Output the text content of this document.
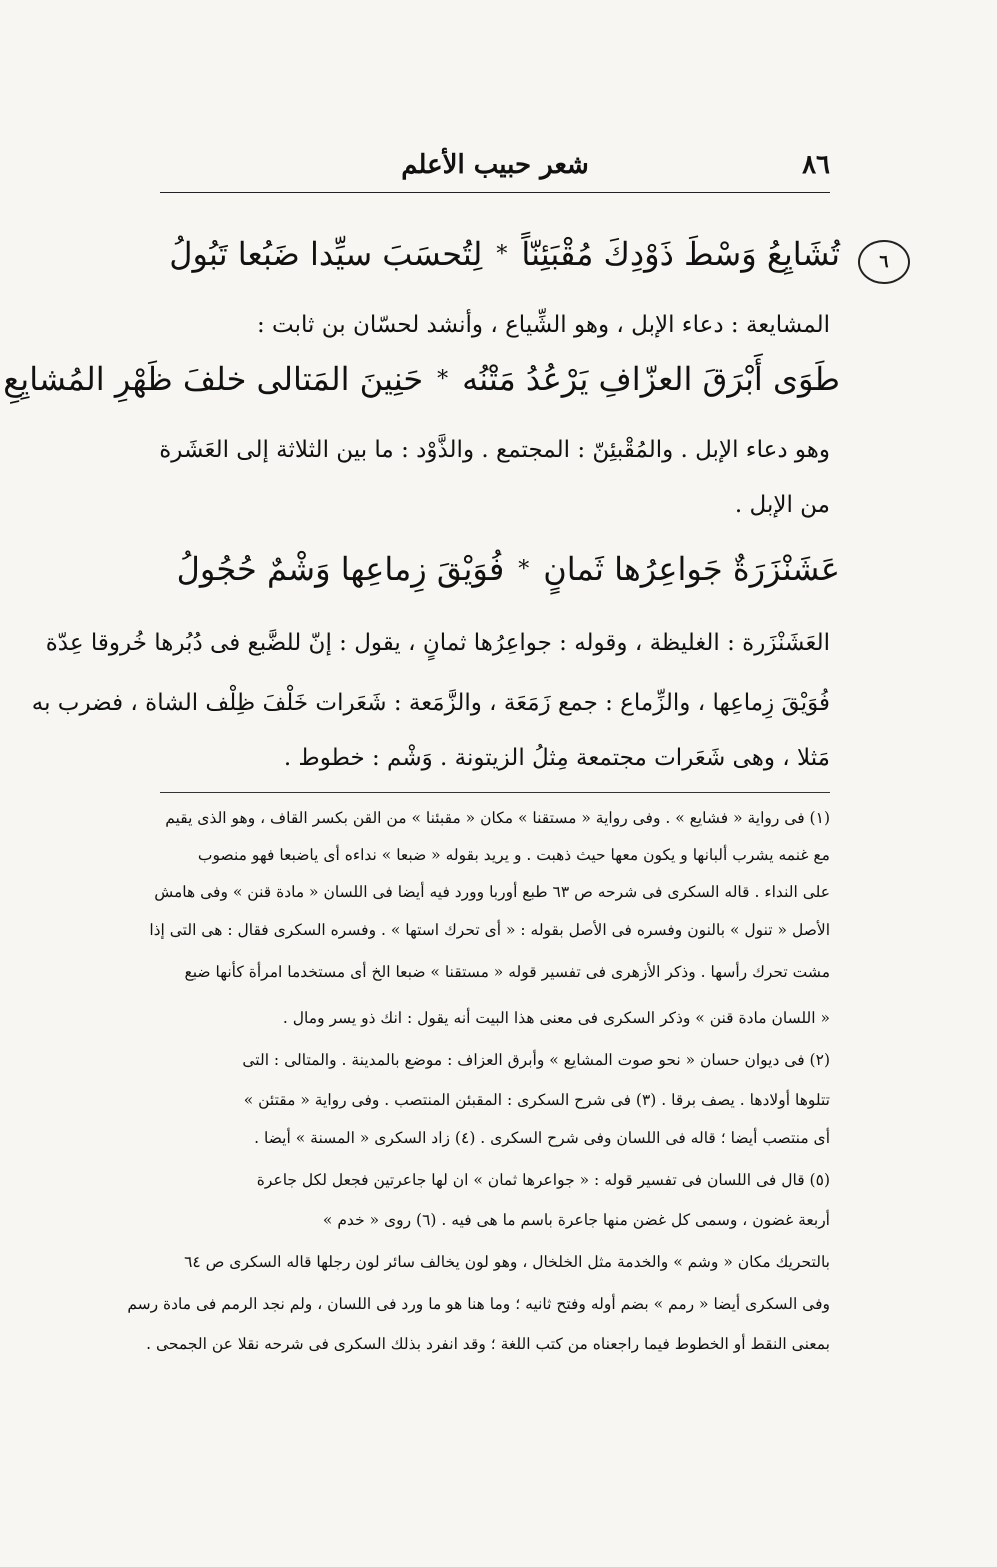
٨٦
شعر حبيب الأعلم
٦
تُشَايِعُ وَسْطَ ذَوْدِكَ مُقْبَئِنّاً
*
لِتُحسَبَ سيِّدا ضَبُعا تَبُولُ
المشايعة : دعاء الإبل ، وهو الشِّياع ، وأنشد لحسّان بن ثابت :
طَوَى أَبْرَقَ العزّافِ يَرْعُدُ مَتْنُه
*
حَنِينَ المَتالى خلفَ ظَهْرِ المُشايِعِ
وهو دعاء الإبل . والمُقْبئِنّ : المجتمع . والذَّوْد : ما بين الثلاثة إلى العَشَرة
من الإبل .
عَشَنْزَرَةٌ جَواعِرُها ثَمانٍ
*
فُوَيْقَ زِماعِها وَشْمٌ حُجُولُ
العَشَنْزَرة : الغليظة ، وقوله : جواعِرُها ثمانٍ ، يقول : إنّ للضَّبع فى دُبُرها خُروقا عِدّة
فُوَيْقَ زِماعِها ، والزِّماع : جمع زَمَعَة ، والزَّمَعة : شَعَرات خَلْفَ ظِلْف الشاة ، فضرب به
مَثلا ، وهى شَعَرات مجتمعة مِثلُ الزيتونة . وَشْم : خطوط .
(١) فى رواية « فشايع » . وفى رواية « مستقنا » مكان « مقبئنا » من القن بكسر القاف ، وهو الذى يقيم
مع غنمه يشرب ألبانها و يكون معها حيث ذهبت . و يريد بقوله « ضبعا » نداءه أى ياضبعا فهو منصوب
على النداء . قاله السكرى فى شرحه ص ٦٣ طبع أوربا وورد فيه أيضا فى اللسان « مادة قنن » وفى هامش
الأصل « تنول » بالنون وفسره فى الأصل بقوله : « أى تحرك استها » . وفسره السكرى فقال : هى التى إذا
مشت تحرك رأسها . وذكر الأزهرى فى تفسير قوله « مستقنا » ضبعا الخ أى مستخدما امرأة كأنها ضبع
« اللسان مادة قنن » وذكر السكرى فى معنى هذا البيت أنه يقول : انك ذو يسر ومال .
(٢) فى ديوان حسان « نحو صوت المشايع » وأبرق العزاف : موضع بالمدينة . والمتالى : التى
تتلوها أولادها . يصف برقا . (٣) فى شرح السكرى : المقبئن المنتصب . وفى رواية « مقتئن »
أى منتصب أيضا ؛ قاله فى اللسان وفى شرح السكرى . (٤) زاد السكرى « المسنة » أيضا .
(٥) قال فى اللسان فى تفسير قوله : « جواعرها ثمان » ان لها جاعرتين فجعل لكل جاعرة
أربعة غضون ، وسمى كل غضن منها جاعرة باسم ما هى فيه . (٦) روى « خدم »
بالتحريك مكان « وشم » والخدمة مثل الخلخال ، وهو لون يخالف سائر لون رجلها قاله السكرى ص ٦٤
وفى السكرى أيضا « رمم » بضم أوله وفتح ثانيه ؛ وما هنا هو ما ورد فى اللسان ، ولم نجد الرمم فى مادة رسم
بمعنى النقط أو الخطوط فيما راجعناه من كتب اللغة ؛ وقد انفرد بذلك السكرى فى شرحه نقلا عن الجمحى .
